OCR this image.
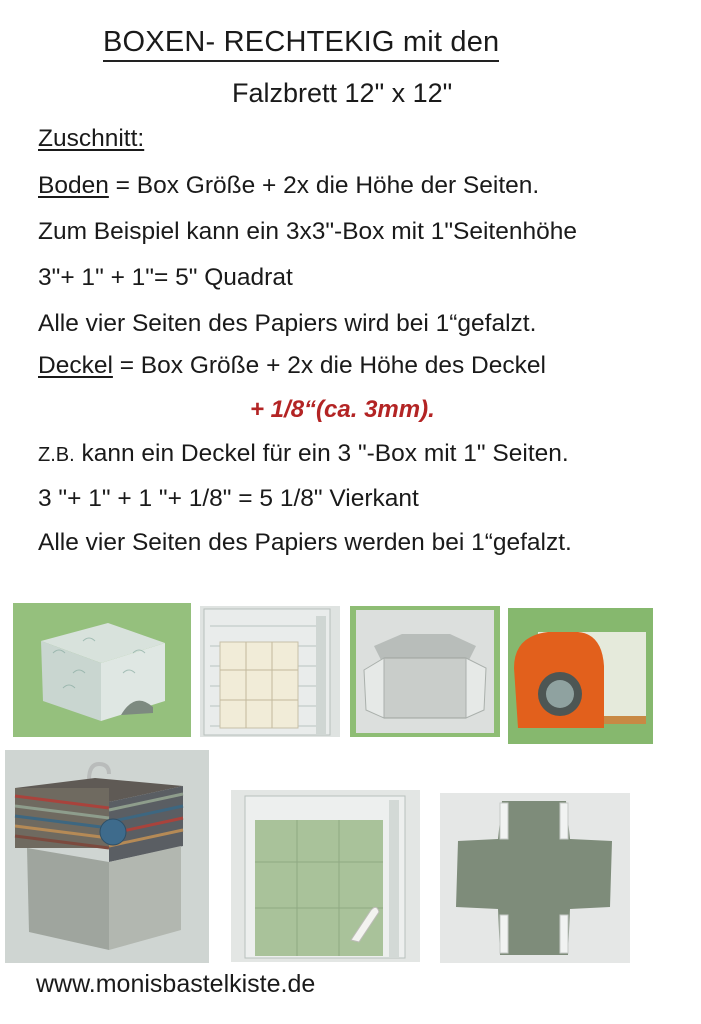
BOXEN- RECHTEKIG mit den
Falzbrett 12" x 12"
Zuschnitt:
Boden = Box Größe + 2x die Höhe der Seiten.
Zum Beispiel kann ein 3x3"-Box mit 1"Seitenhöhe
3"+ 1" + 1"= 5" Quadrat
Alle vier Seiten des Papiers wird bei 1“gefalzt.
Deckel = Box Größe + 2x die Höhe des Deckel
+ 1/8“(ca. 3mm).
Z.B. kann ein Deckel für ein 3 "-Box mit 1" Seiten.
3 "+ 1" + 1 "+ 1/8" = 5 1/8" Vierkant
Alle vier Seiten des Papiers werden bei 1“gefalzt.
www.monisbastelkiste.de
